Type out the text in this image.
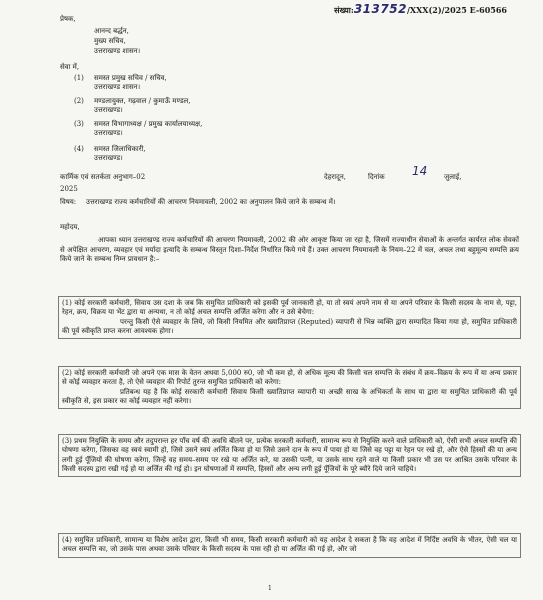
संख्या:313752/XXX(2)/2025 E-60566
प्रेषक,
आनन्द बर्द्धन,
मुख्य सचिव,
उत्तराखण्ड शासन।
सेवा में,
(1) समस्त प्रमुख सचिव / सचिव,
उत्तराखण्ड शासन।
(2) मण्डलायुक्त, गढ़वाल / कुमाऊँ मण्डल,
उत्तराखण्ड।
(3) समस्त विभागाध्यक्ष / प्रमुख कार्यालयाध्यक्ष,
उत्तराखण्ड।
(4) समस्त जिलाधिकारी,
उत्तराखण्ड।
कार्मिक एवं सतर्कता अनुभाग–02	देहरादून,	दिनांक 14 जुलाई,
2025
विषय: उत्तराखण्ड राज्य कर्मचारियों की आचरण नियमावली, 2002 का अनुपालन किये जाने के सम्बन्ध में।
महोदय,
आपका ध्यान उत्तराखण्ड राज्य कर्मचारियों की आचरण नियमावली, 2002 की ओर आकृष्ट किया जा रहा है, जिसमें राज्याधीन सेवाओं के अन्तर्गत कार्यरत लोक सेवकों से अपेक्षित आचरण, व्यवहार एवं मर्यादा इत्यादि के सम्बन्ध विस्तृत दिशा–निर्देश निर्धारित किये गये हैं। उक्त आचरण नियमावली के नियम–22 में चल, अचल तथा बहुमूल्य सम्पत्ति क्रय किये जाने के सम्बन्ध निम्न प्रावधान है:–
(1) कोई सरकारी कर्मचारी, सिवाय उस दशा के जब कि समुचित प्राधिकारी को इसकी पूर्व जानकारी हो, या तो स्वयं अपने नाम से या अपने परिवार के किसी सदस्य के नाम से, पट्टा, रेहन, क्रय, विक्रय या भेंट द्वारा या अन्यथा, न तो कोई अचल सम्पत्ति अर्जित करेगा और न उसे बेचेगा:
परन्तु किसी ऐसे व्यवहार के लिये, जो किसी नियमित और ख्यातिप्राप्त (Reputed) व्यापारी से भिन्न व्यक्ति द्वारा सम्पादित किया गया हो, समुचित प्राधिकारी की पूर्व स्वीकृति प्राप्त करना आवश्यक होगा।
(2) कोई सरकारी कर्मचारी जो अपने एक मास के वेतन अथवा 5,000 रु0, जो भी कम हो, से अधिक मूल्य की किसी चल सम्पत्ति के संबंध में क्रय–विक्रय के रूप में या अन्य प्रकार से कोई व्यवहार करता है, तो ऐसे व्यवहार की रिपोर्ट तुरन्त समुचित प्राधिकारी को करेगा:
प्रतिबन्ध यह है कि कोई सरकारी कर्मचारी सिवाय किसी ख्यातिप्राप्त व्यापारी या अच्छी साख के अभिकर्ता के साथ या द्वारा या समुचित प्राधिकारी की पूर्व स्वीकृति से, इस प्रकार का कोई व्यवहार नहीं करेगा।
(3) प्रथम नियुक्ति के समय और तदुपरान्त हर पाँच वर्ष की अवधि बीतने पर, प्रत्येक सरकारी कर्मचारी, सामान्य रूप से नियुक्ति करने वाले प्राधिकारी को, ऐसी सभी अचल सम्पत्ति की घोषणा करेगा, जिसका वह स्वयं स्वामी हो, जिसे उसने स्वयं अर्जित किया हो या जिसे उसने दान के रूप में पाया हो या जिसे वह पट्टा या रेहन पर रखे हो, और ऐसे हिस्सों की या अन्य लगी हुई पूँजियों की घोषणा करेगा, जिन्हें वह समय–समय पर रखे या अर्जित करे, या उसकी पत्नी, या उसके साथ रहने वाले या किसी प्रकार भी उस पर आश्रित उसके परिवार के किसी सदस्य द्वारा रखी गई हो या अर्जित की गई हो। इन घोषणाओं में सम्पत्ति, हिस्सों और अन्य लगी हुई पूँजियों के पूरे ब्यौरे दिये जाने चाहिये।
(4) समुचित प्राधिकारी, सामान्य या विशेष आदेश द्वारा, किसी भी समय, किसी सरकारी कर्मचारी को यह आदेश दे सकता है कि वह आदेश में निर्दिष्ट अवधि के भीतर, ऐसी चल या अचल सम्पत्ति का, जो उसके पास अथवा उसके परिवार के किसी सदस्य के पास रही हो या अर्जित की गई हो, और जो
1
